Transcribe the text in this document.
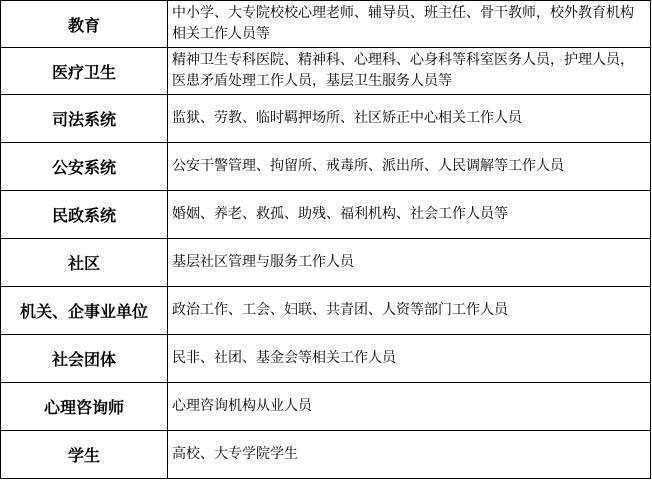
教育	中小学、大专院校校心理老师、辅导员、班主任、骨干教师，校外教育机构相关工作人员等
医疗卫生	精神卫生专科医院、精神科、心理科、心身科等科室医务人员，护理人员，医患矛盾处理工作人员，基层卫生服务人员等
司法系统	监狱、劳教、临时羁押场所、社区矫正中心相关工作人员
公安系统	公安干警管理、拘留所、戒毒所、派出所、人民调解等工作人员
民政系统	婚姻、养老、救孤、助残、福利机构、社会工作人员等
社区	基层社区管理与服务工作人员
机关、企事业单位	政治工作、工会、妇联、共青团、人资等部门工作人员
社会团体	民非、社团、基金会等相关工作人员
心理咨询师	心理咨询机构从业人员
学生	高校、大专学院学生
